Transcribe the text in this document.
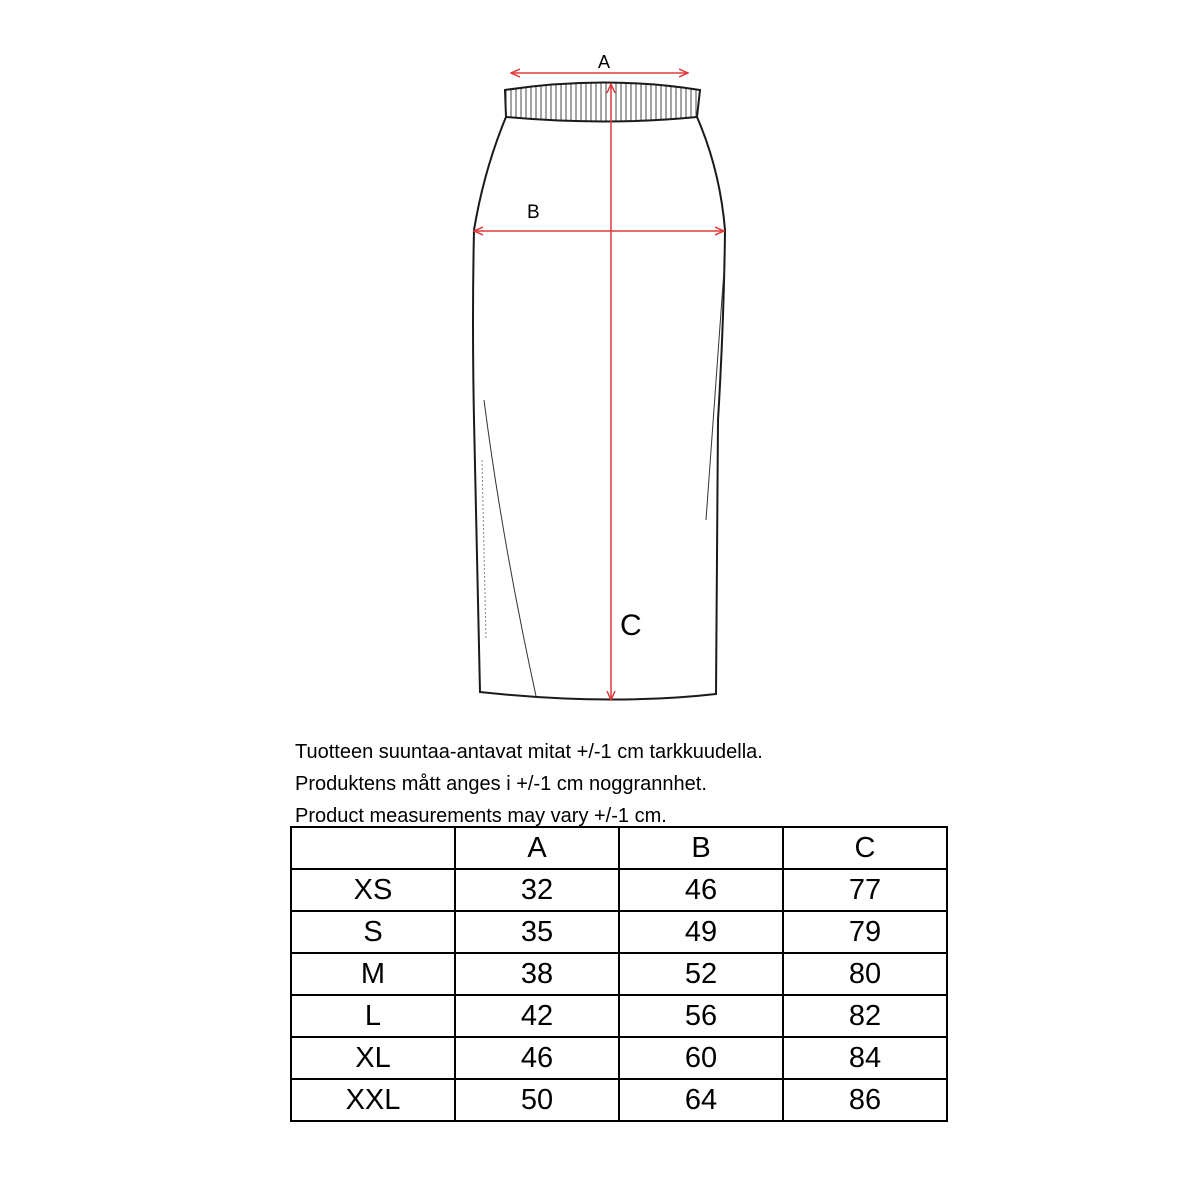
A
B
C
Tuotteen suuntaa-antavat mitat +/-1 cm tarkkuudella.
Produktens mått anges i +/-1 cm noggrannhet.
Product measurements may vary +/-1 cm.
	A	B	C
XS	32	46	77
S	35	49	79
M	38	52	80
L	42	56	82
XL	46	60	84
XXL	50	64	86
